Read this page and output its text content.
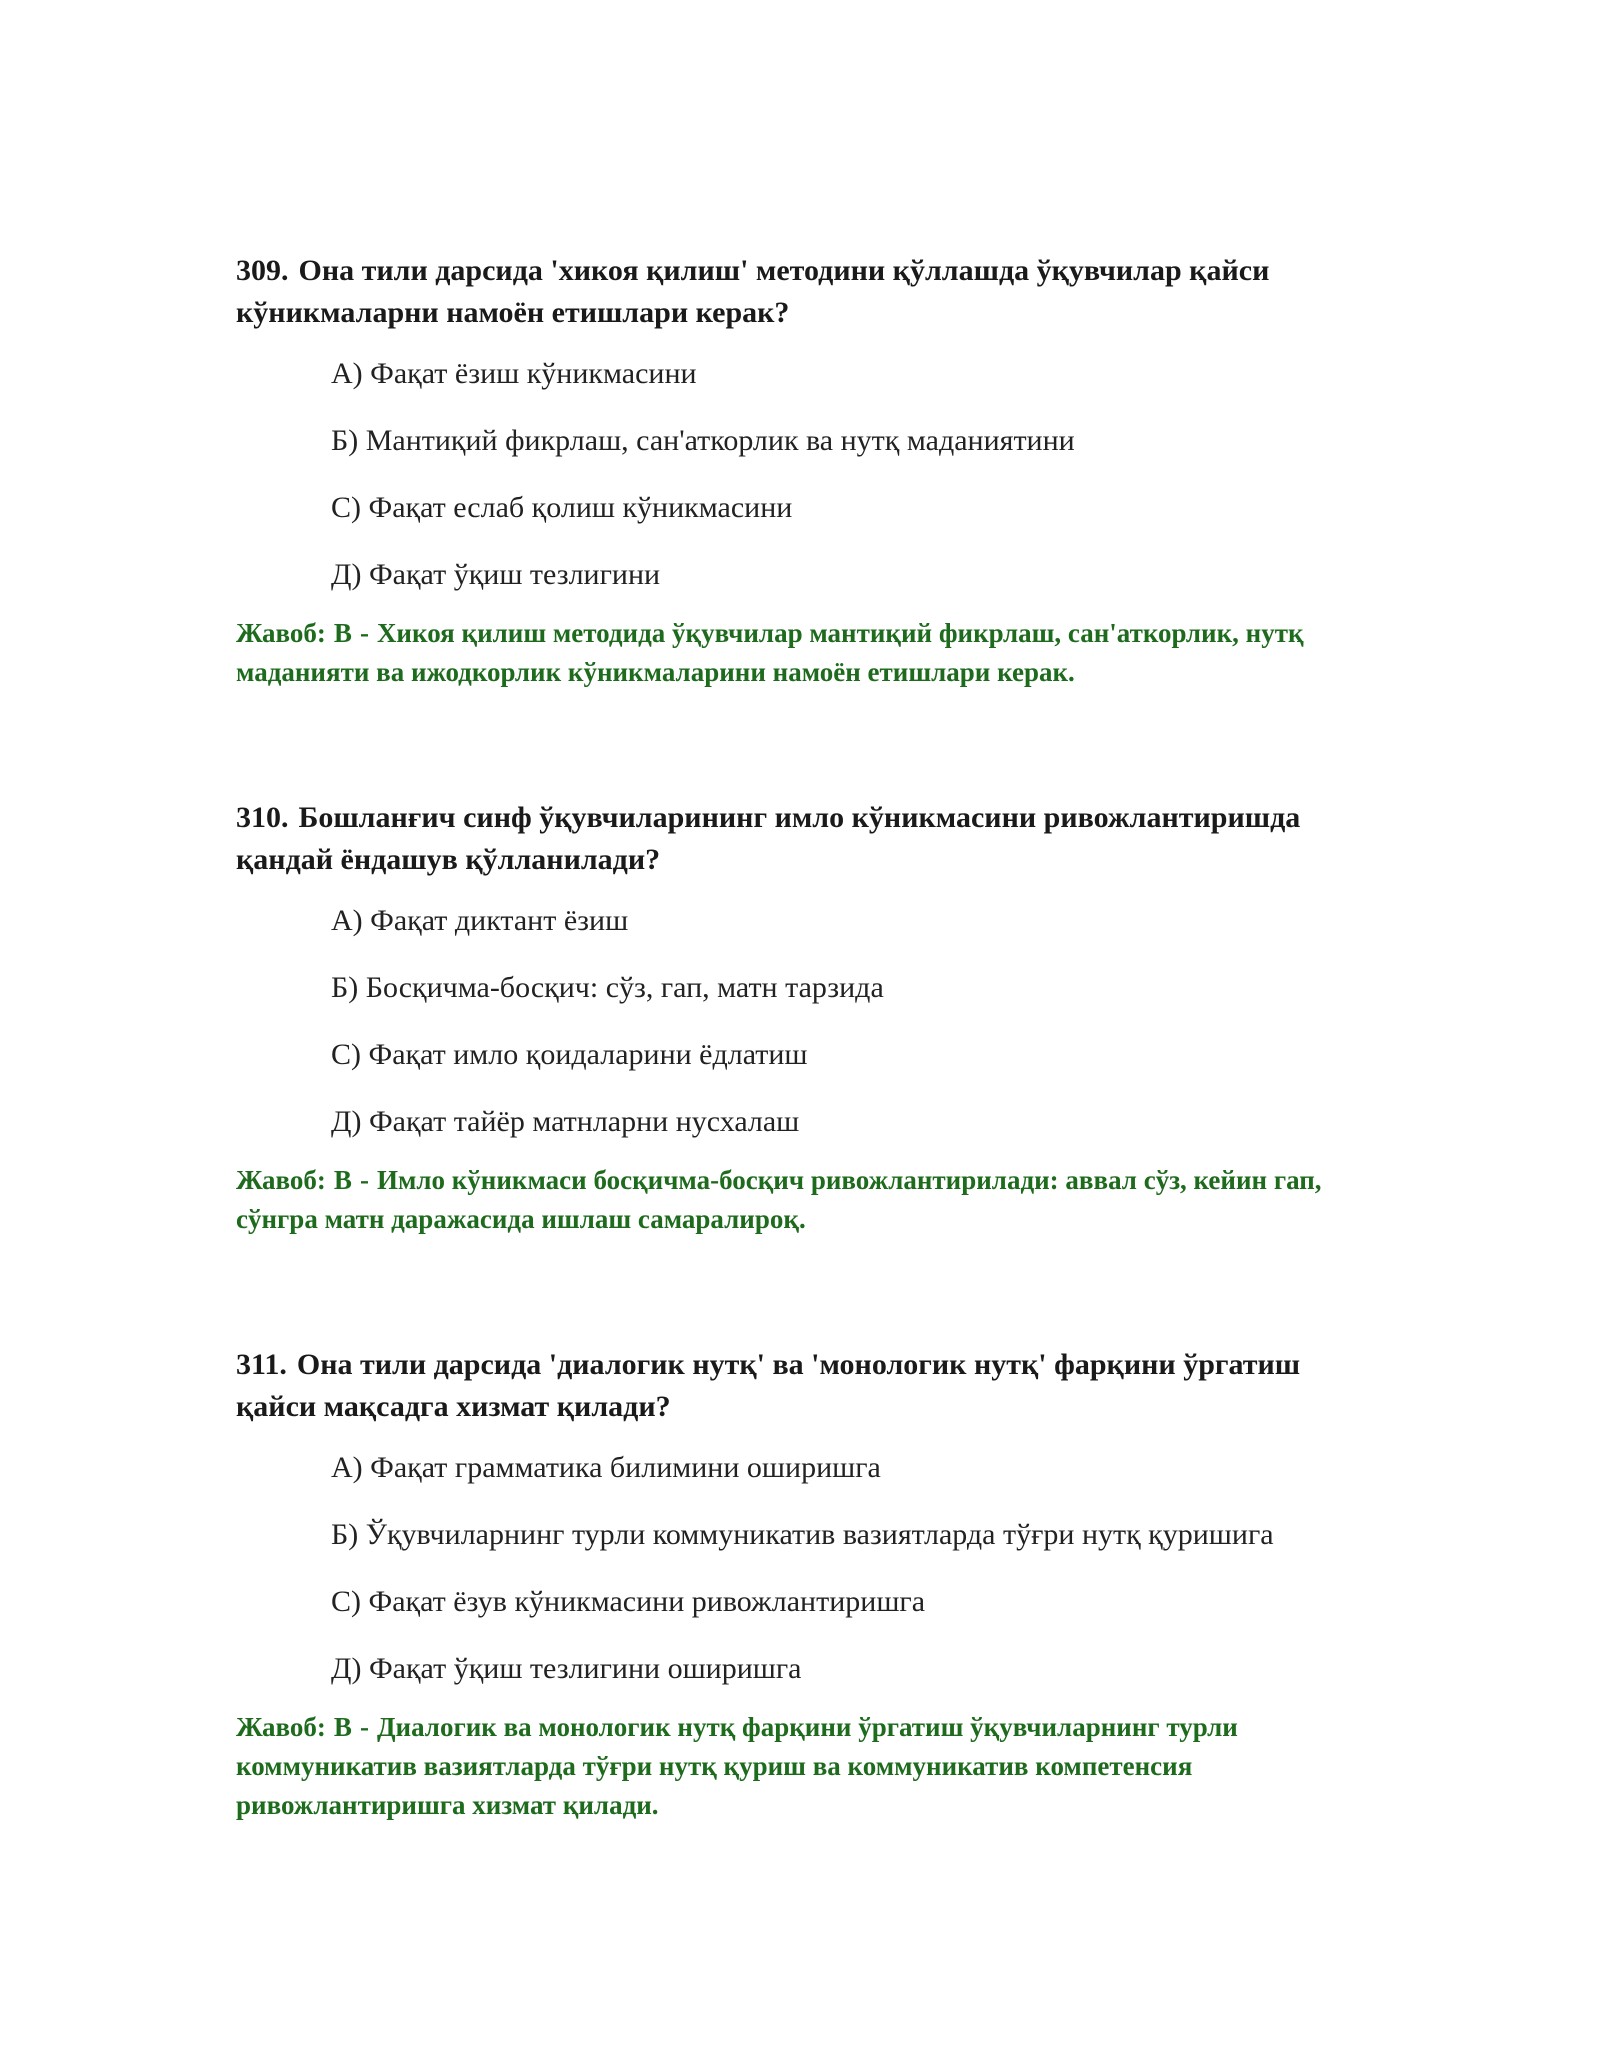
309. Она тили дарсида 'хикоя қилиш' методини қўллашда ўқувчилар қайси кўникмаларни намоён етишлари керак?

А) Фақат ёзиш кўникмасини
Б) Мантиқий фикрлаш, сан'аткорлик ва нутқ маданиятини
С) Фақат еслаб қолиш кўникмасини
Д) Фақат ўқиш тезлигини

Жавоб: B - Хикоя қилиш методида ўқувчилар мантиқий фикрлаш, сан'аткорлик, нутқ маданияти ва ижодкорлик кўникмаларини намоён етишлари керак.

310. Бошланғич синф ўқувчиларининг имло кўникмасини ривожлантиришда қандай ёндашув қўлланилади?

А) Фақат диктант ёзиш
Б) Босқичма-босқич: сўз, гап, матн тарзида
С) Фақат имло қоидаларини ёдлатиш
Д) Фақат тайёр матнларни нусхалаш

Жавоб: B - Имло кўникмаси босқичма-босқич ривожлантирилади: аввал сўз, кейин гап, сўнгра матн даражасида ишлаш самаралироқ.

311. Она тили дарсида 'диалогик нутқ' ва 'монологик нутқ' фарқини ўргатиш қайси мақсадга хизмат қилади?

А) Фақат грамматика билимини оширишга
Б) Ўқувчиларнинг турли коммуникатив вазиятларда тўғри нутқ қуришига
С) Фақат ёзув кўникмасини ривожлантиришга
Д) Фақат ўқиш тезлигини оширишга

Жавоб: B - Диалогик ва монологик нутқ фарқини ўргатиш ўқувчиларнинг турли коммуникатив вазиятларда тўғри нутқ қуриш ва коммуникатив компетенсия ривожлантиришга хизмат қилади.
